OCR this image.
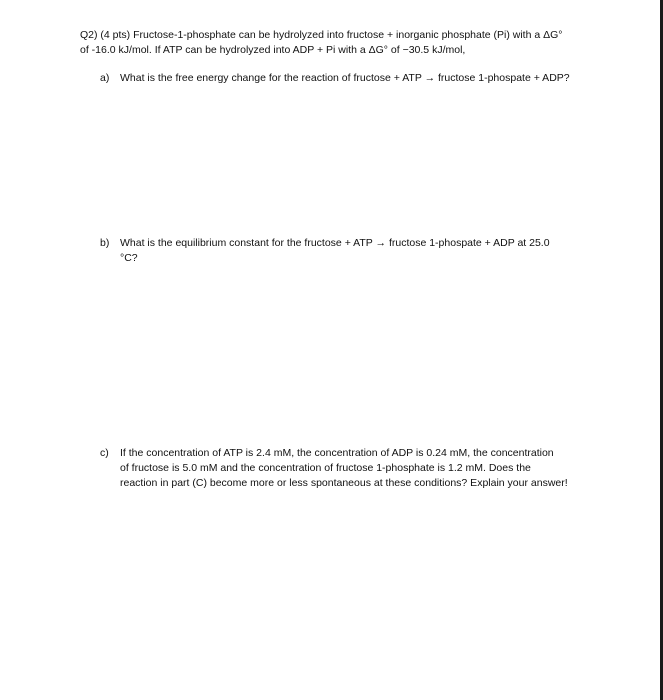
Q2) (4 pts) Fructose-1-phosphate can be hydrolyzed into fructose + inorganic phosphate (Pi) with a ΔG°

of -16.0 kJ/mol. If ATP can be hydrolyzed into ADP + Pi with a ΔG° of −30.5 kJ/mol,

a)	What is the free energy change for the reaction of fructose + ATP → fructose 1-phospate + ADP?

b)	What is the equilibrium constant for the fructose + ATP → fructose 1-phospate + ADP at 25.0

°C?

c)	If the concentration of ATP is 2.4 mM, the concentration of ADP is 0.24 mM, the concentration

of fructose is 5.0 mM and the concentration of fructose 1-phosphate is 1.2 mM. Does the

reaction in part (C) become more or less spontaneous at these conditions? Explain your answer!
